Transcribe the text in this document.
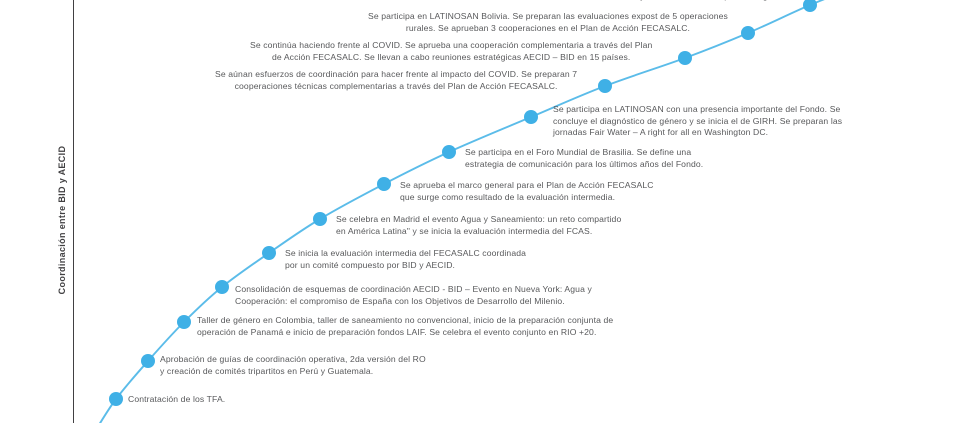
Coordinación entre BID y AECID
Contratación de los TFA.
Aprobación de guías de coordinación operativa, 2da versión del RO
y creación de comités tripartitos en Perú y Guatemala.
Taller de género en Colombia, taller de saneamiento no convencional, inicio de la preparación conjunta de
operación de Panamá e inicio de preparación fondos LAIF. Se celebra el evento conjunto en RIO +20.
Consolidación de esquemas de coordinación AECID - BID – Evento en Nueva York: Agua y
Cooperación: el compromiso de España con los Objetivos de Desarrollo del Milenio.
Se inicia la evaluación intermedia del FECASALC coordinada
por un comité compuesto por BID y AECID.
Se celebra en Madrid el evento Agua y Saneamiento: un reto compartido
en América Latina" y se inicia la evaluación intermedia del FCAS.
Se aprueba el marco general para el Plan de Acción FECASALC
que surge como resultado de la evaluación intermedia.
Se participa en el Foro Mundial de Brasilia. Se define una
estrategia de comunicación para los últimos años del Fondo.
Se participa en LATINOSAN con una presencia importante del Fondo. Se
concluye el diagnóstico de género y se inicia el de GIRH. Se preparan las
jornadas Fair Water – A right for all en Washington DC.
Se aúnan esfuerzos de coordinación para hacer frente al impacto del COVID. Se preparan 7
cooperaciones técnicas complementarias a través del Plan de Acción FECASALC.
Se continúa haciendo frente al COVID. Se aprueba una cooperación complementaria a través del Plan
de Acción FECASALC. Se llevan a cabo reuniones estratégicas AECID – BID en 15 países.
Se participa en LATINOSAN Bolivia. Se preparan las evaluaciones expost de 5 operaciones
rurales. Se aprueban 3 cooperaciones en el Plan de Acción FECASALC.
